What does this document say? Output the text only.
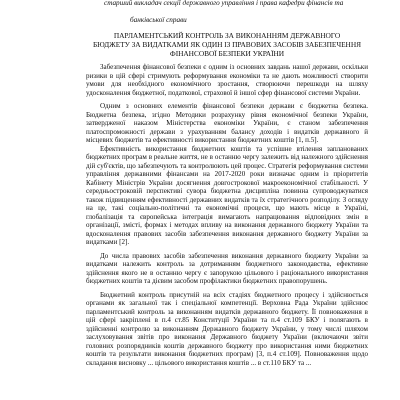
старший викладач секції державного управління і права кафедри фінансів та
банківської справи
ПАРЛАМЕНТСЬКИЙ КОНТРОЛЬ ЗА ВИКОНАННЯМ ДЕРЖАВНОГО
БЮДЖЕТУ ЗА ВИДАТКАМИ ЯК ОДИН ІЗ ПРАВОВИХ ЗАСОБІВ ЗАБЕЗПЕЧЕННЯ
ФІНАНСОВОЇ БЕЗПЕКИ УКРАЇНИ

Забезпечення фінансової безпеки є одним із основних завдань нашої держави, оскільки ризики в цій сфері стримують реформування економіки та не дають можливості створити умови для необхідного економічного зростання, створюючи перешкоди на шляху удосконалення бюджетної, податкової, страхової й іншої сфер фінансової системи України.

Одним з основних елементів фінансової безпеки держави є бюджетна безпека. Бюджетна безпека, згідно Методики розрахунку рівня економічної безпеки України, затвердженої наказом Міністерства економіки України, є станом забезпечення платоспроможності держави з урахуванням балансу доходів і видатків державного й місцевих бюджетів та ефективності використання бюджетних коштів [1, п.5].

Ефективність використання бюджетних коштів та успішне втілення запланованих бюджетних програм в реальне життя, не в останню чергу залежить від належного здійснення дій суб'єктів, що забезпечують та контролюють цей процес. Стратегія реформування системи управління державними фінансами на 2017-2020 роки визначає одним із пріоритетів Кабінету Міністрів України досягнення довгострокової макроекономічної стабільності. У середньостроковій перспективі сувора бюджетна дисципліна повинна супроводжуватися також підвищенням ефективності державних видатків та їх стратегічного розподілу. З огляду на це, такі соціально-політичні та економічні процеси, що мають місце в Україні, глобалізація та європейська інтеграція вимагають напрацювання відповідних змін в організації, змісті, формах і методах впливу на виконання державного бюджету України та вдосконалення правових засобів забезпечення виконання державного бюджету України за видатками [2].

До числа правових засобів забезпечення виконання державного бюджету України за видатками належить контроль за дотриманням бюджетного законодавства, ефективне здійснення якого не в останню чергу є запорукою цільового і раціонального використання бюджетних коштів та дієвим засобом профілактики бюджетних правопорушень.

Бюджетний контроль присутній на всіх стадіях бюджетного процесу і здійснюється органами як загальної так і спеціальної компетенції. Верховна Рада України здійснює парламентський контроль за виконанням видатків державного бюджету. Її повноваження в цій сфері закріплені в п.4 ст.85 Конституції України та п.4 ст.109 БКУ і полягають в здійсненні контролю за виконанням Державного бюджету України, у тому числі шляхом заслуховування звітів про виконання Державного бюджету України (включаючи звіти головних розпорядників коштів державного бюджету про використання ними бюджетних коштів та результати виконання бюджетних програм) [3, п.4 ст.109]. Повноваження щодо складання висновку ... цільового використання коштів ... в ст.110 БКУ та ...
